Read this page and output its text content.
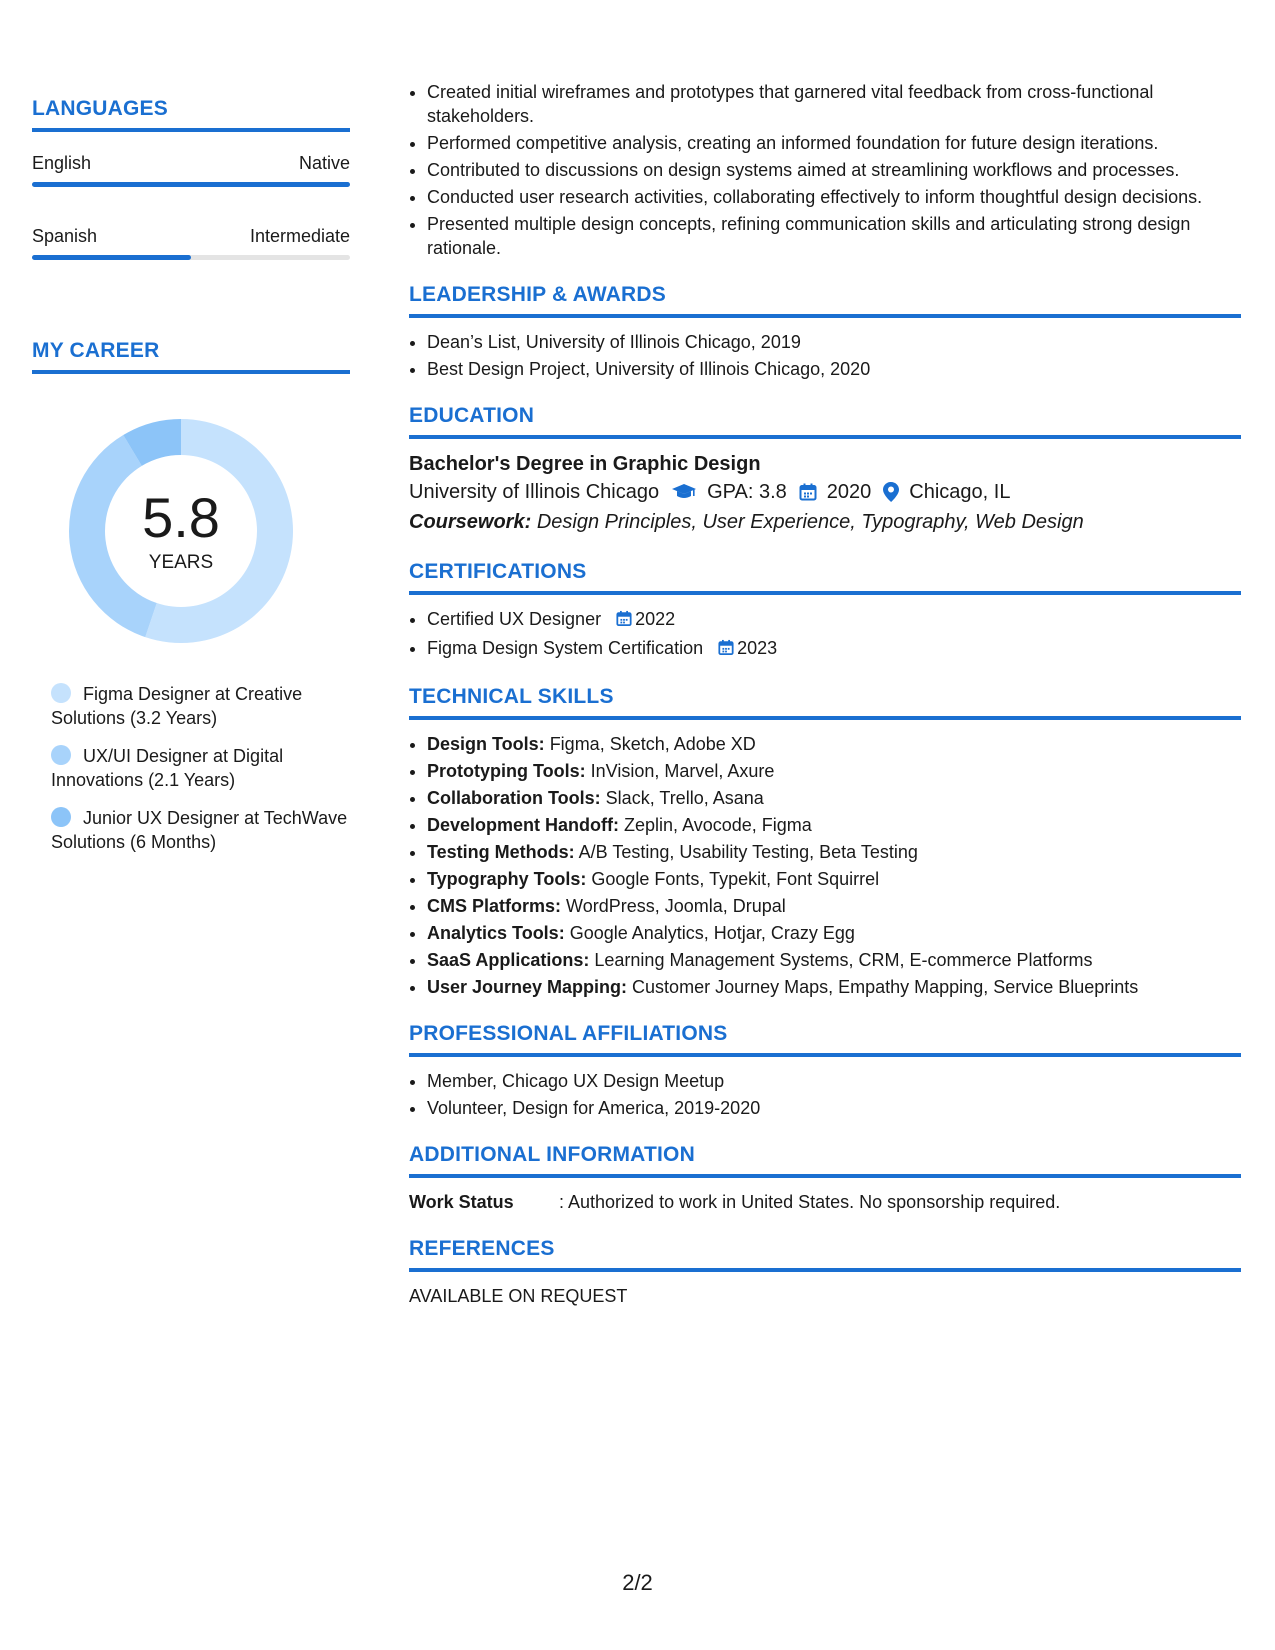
LANGUAGES
English	Native
Spanish	Intermediate
MY CAREER
5.8
YEARS
Figma Designer at Creative Solutions (3.2 Years)
UX/UI Designer at Digital Innovations (2.1 Years)
Junior UX Designer at TechWave Solutions (6 Months)
• Created initial wireframes and prototypes that garnered vital feedback from cross-functional stakeholders.
• Performed competitive analysis, creating an informed foundation for future design iterations.
• Contributed to discussions on design systems aimed at streamlining workflows and processes.
• Conducted user research activities, collaborating effectively to inform thoughtful design decisions.
• Presented multiple design concepts, refining communication skills and articulating strong design rationale.
LEADERSHIP & AWARDS
• Dean’s List, University of Illinois Chicago, 2019
• Best Design Project, University of Illinois Chicago, 2020
EDUCATION
Bachelor's Degree in Graphic Design
University of Illinois Chicago GPA: 3.8 2020 Chicago, IL
Coursework: Design Principles, User Experience, Typography, Web Design
CERTIFICATIONS
• Certified UX Designer 2022
• Figma Design System Certification 2023
TECHNICAL SKILLS
• Design Tools: Figma, Sketch, Adobe XD
• Prototyping Tools: InVision, Marvel, Axure
• Collaboration Tools: Slack, Trello, Asana
• Development Handoff: Zeplin, Avocode, Figma
• Testing Methods: A/B Testing, Usability Testing, Beta Testing
• Typography Tools: Google Fonts, Typekit, Font Squirrel
• CMS Platforms: WordPress, Joomla, Drupal
• Analytics Tools: Google Analytics, Hotjar, Crazy Egg
• SaaS Applications: Learning Management Systems, CRM, E-commerce Platforms
• User Journey Mapping: Customer Journey Maps, Empathy Mapping, Service Blueprints
PROFESSIONAL AFFILIATIONS
• Member, Chicago UX Design Meetup
• Volunteer, Design for America, 2019-2020
ADDITIONAL INFORMATION
Work Status	: Authorized to work in United States. No sponsorship required.
REFERENCES
AVAILABLE ON REQUEST
2/2
